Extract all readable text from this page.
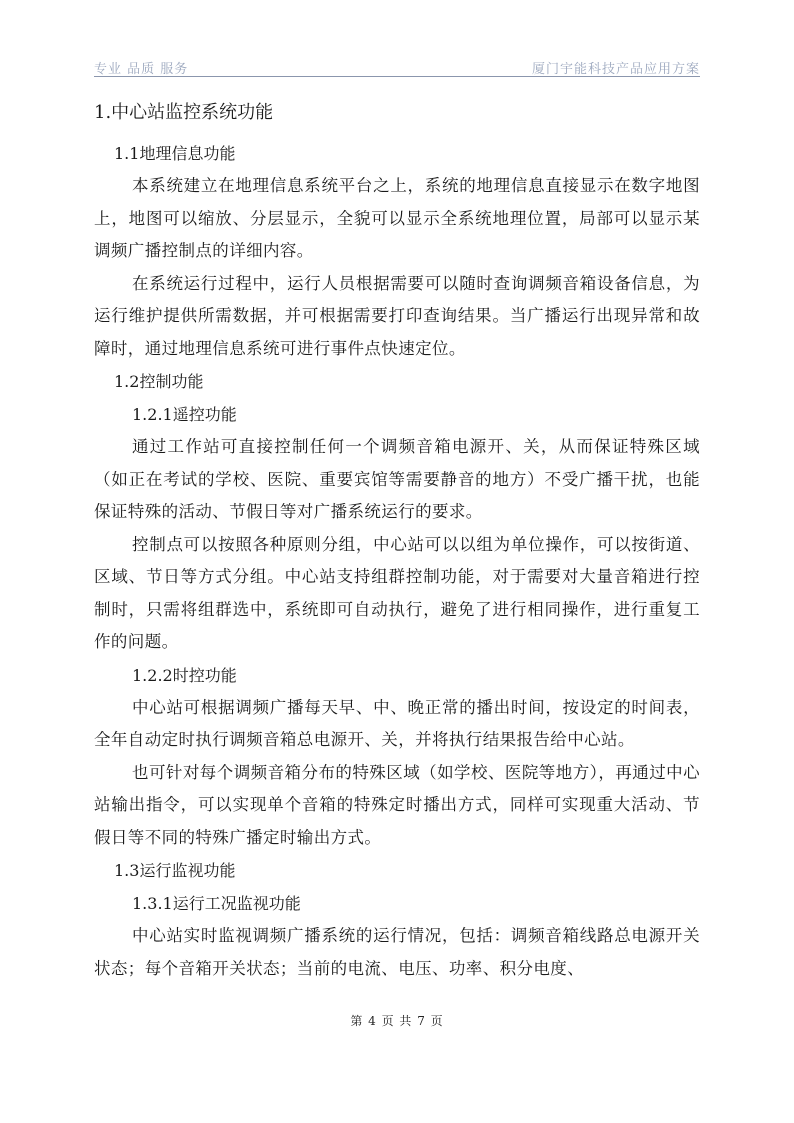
专业 品质 服务	厦门宇能科技产品应用方案
1.中心站监控系统功能
1.1地理信息功能

本系统建立在地理信息系统平台之上，系统的地理信息直接显示在数字地图上，地图可以缩放、分层显示，全貌可以显示全系统地理位置，局部可以显示某调频广播控制点的详细内容。

在系统运行过程中，运行人员根据需要可以随时查询调频音箱设备信息，为运行维护提供所需数据，并可根据需要打印查询结果。当广播运行出现异常和故障时，通过地理信息系统可进行事件点快速定位。

1.2控制功能
1.2.1遥控功能

通过工作站可直接控制任何一个调频音箱电源开、关，从而保证特殊区域（如正在考试的学校、医院、重要宾馆等需要静音的地方）不受广播干扰，也能保证特殊的活动、节假日等对广播系统运行的要求。

控制点可以按照各种原则分组，中心站可以以组为单位操作，可以按街道、区域、节日等方式分组。中心站支持组群控制功能，对于需要对大量音箱进行控制时，只需将组群选中，系统即可自动执行，避免了进行相同操作，进行重复工作的问题。

1.2.2时控功能

中心站可根据调频广播每天早、中、晚正常的播出时间，按设定的时间表，全年自动定时执行调频音箱总电源开、关，并将执行结果报告给中心站。

也可针对每个调频音箱分布的特殊区域（如学校、医院等地方），再通过中心站输出指令，可以实现单个音箱的特殊定时播出方式，同样可实现重大活动、节假日等不同的特殊广播定时输出方式。

1.3运行监视功能
1.3.1运行工况监视功能

中心站实时监视调频广播系统的运行情况，包括：调频音箱线路总电源开关状态；每个音箱开关状态；当前的电流、电压、功率、积分电度、

第 4 页 共 7 页
